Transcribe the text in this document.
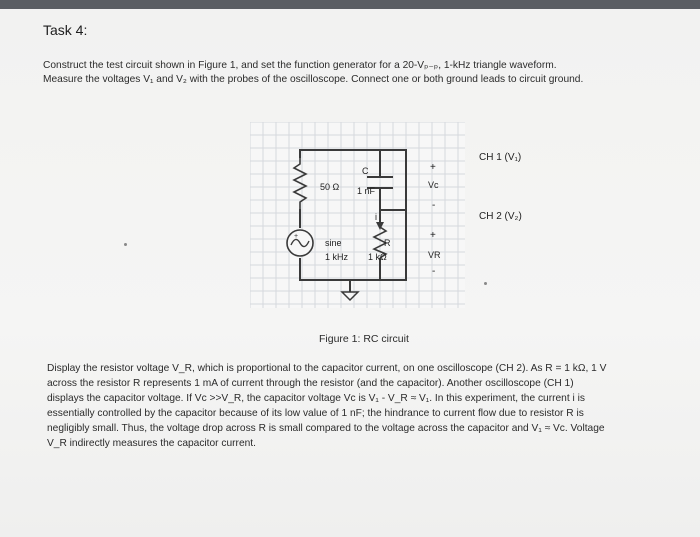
Task 4:

Construct the test circuit shown in Figure 1, and set the function generator for a 20-Vₚ₋ₚ, 1-kHz triangle waveform.

Measure the voltages V₁ and V₂ with the probes of the oscilloscope. Connect one or both ground leads to circuit ground.

50 Ω
C
1 nF
i
R
1 kΩ
+
sine
1 kHz
+
Vc
-
+
VR
-
CH 1 (V₁)
CH 2 (V₂)
Figure 1: RC circuit

Display the resistor voltage V_R, which is proportional to the capacitor current, on one oscilloscope (CH 2). As R = 1 kΩ, 1 V

across the resistor R represents 1 mA of current through the resistor (and the capacitor). Another oscilloscope (CH 1)

displays the capacitor voltage. If Vc >>V_R, the capacitor voltage Vc is V₁ - V_R ≈ V₁. In this experiment, the current i is

essentially controlled by the capacitor because of its low value of 1 nF; the hindrance to current flow due to resistor R is

negligibly small. Thus, the voltage drop across R is small compared to the voltage across the capacitor and V₁ ≈ Vc. Voltage

V_R indirectly measures the capacitor current.
